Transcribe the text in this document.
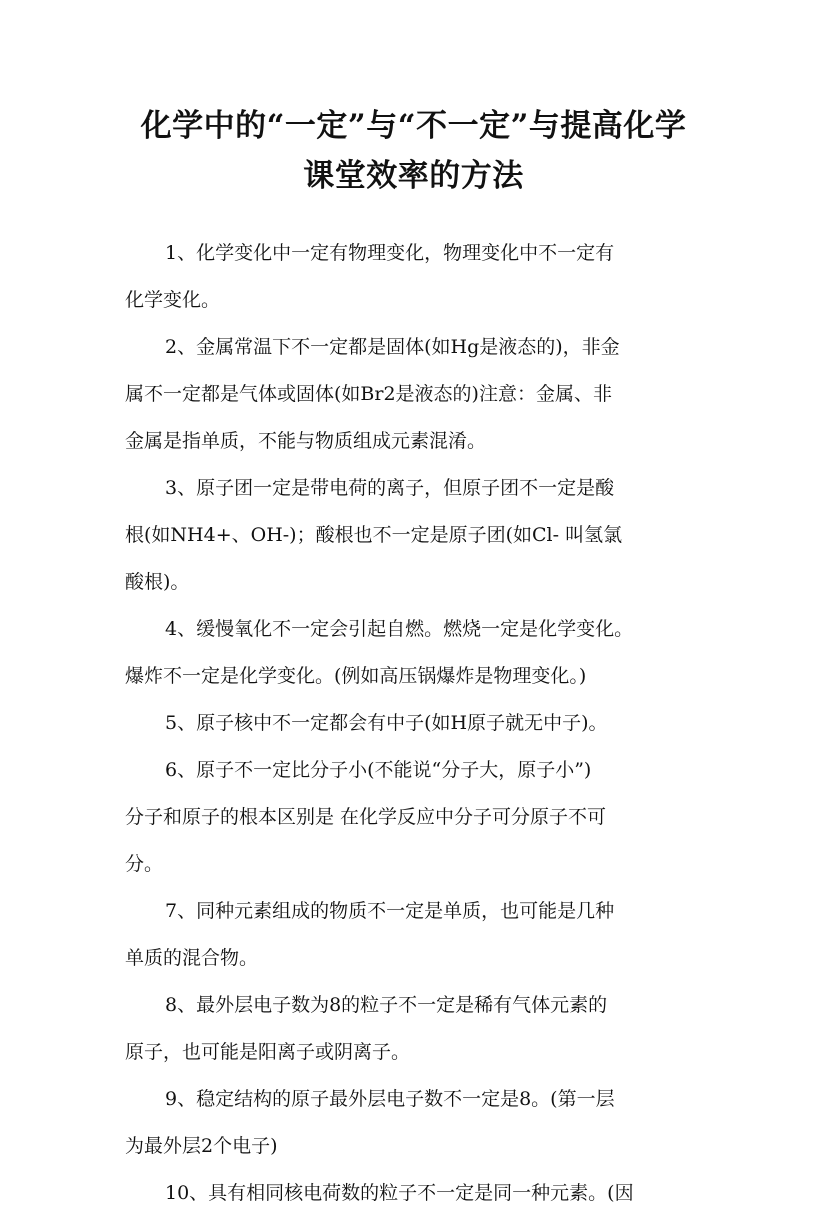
化学中的“一定”与“不一定”与提高化学
课堂效率的方法

1、化学变化中一定有物理变化，物理变化中不一定有
化学变化。

2、金属常温下不一定都是固体(如Hg是液态的)，非金
属不一定都是气体或固体(如Br2是液态的)注意：金属、非
金属是指单质，不能与物质组成元素混淆。

3、原子团一定是带电荷的离子，但原子团不一定是酸
根(如NH4+、OH-)；酸根也不一定是原子团(如Cl- 叫氢氯
酸根)。

4、缓慢氧化不一定会引起自燃。燃烧一定是化学变化。
爆炸不一定是化学变化。(例如高压锅爆炸是物理变化。)

5、原子核中不一定都会有中子(如H原子就无中子)。

6、原子不一定比分子小(不能说“分子大，原子小”)
分子和原子的根本区别是 在化学反应中分子可分原子不可
分。

7、同种元素组成的物质不一定是单质，也可能是几种
单质的混合物。

8、最外层电子数为8的粒子不一定是稀有气体元素的
原子，也可能是阳离子或阴离子。

9、稳定结构的原子最外层电子数不一定是8。(第一层
为最外层2个电子)

10、具有相同核电荷数的粒子不一定是同一种元素。(因
